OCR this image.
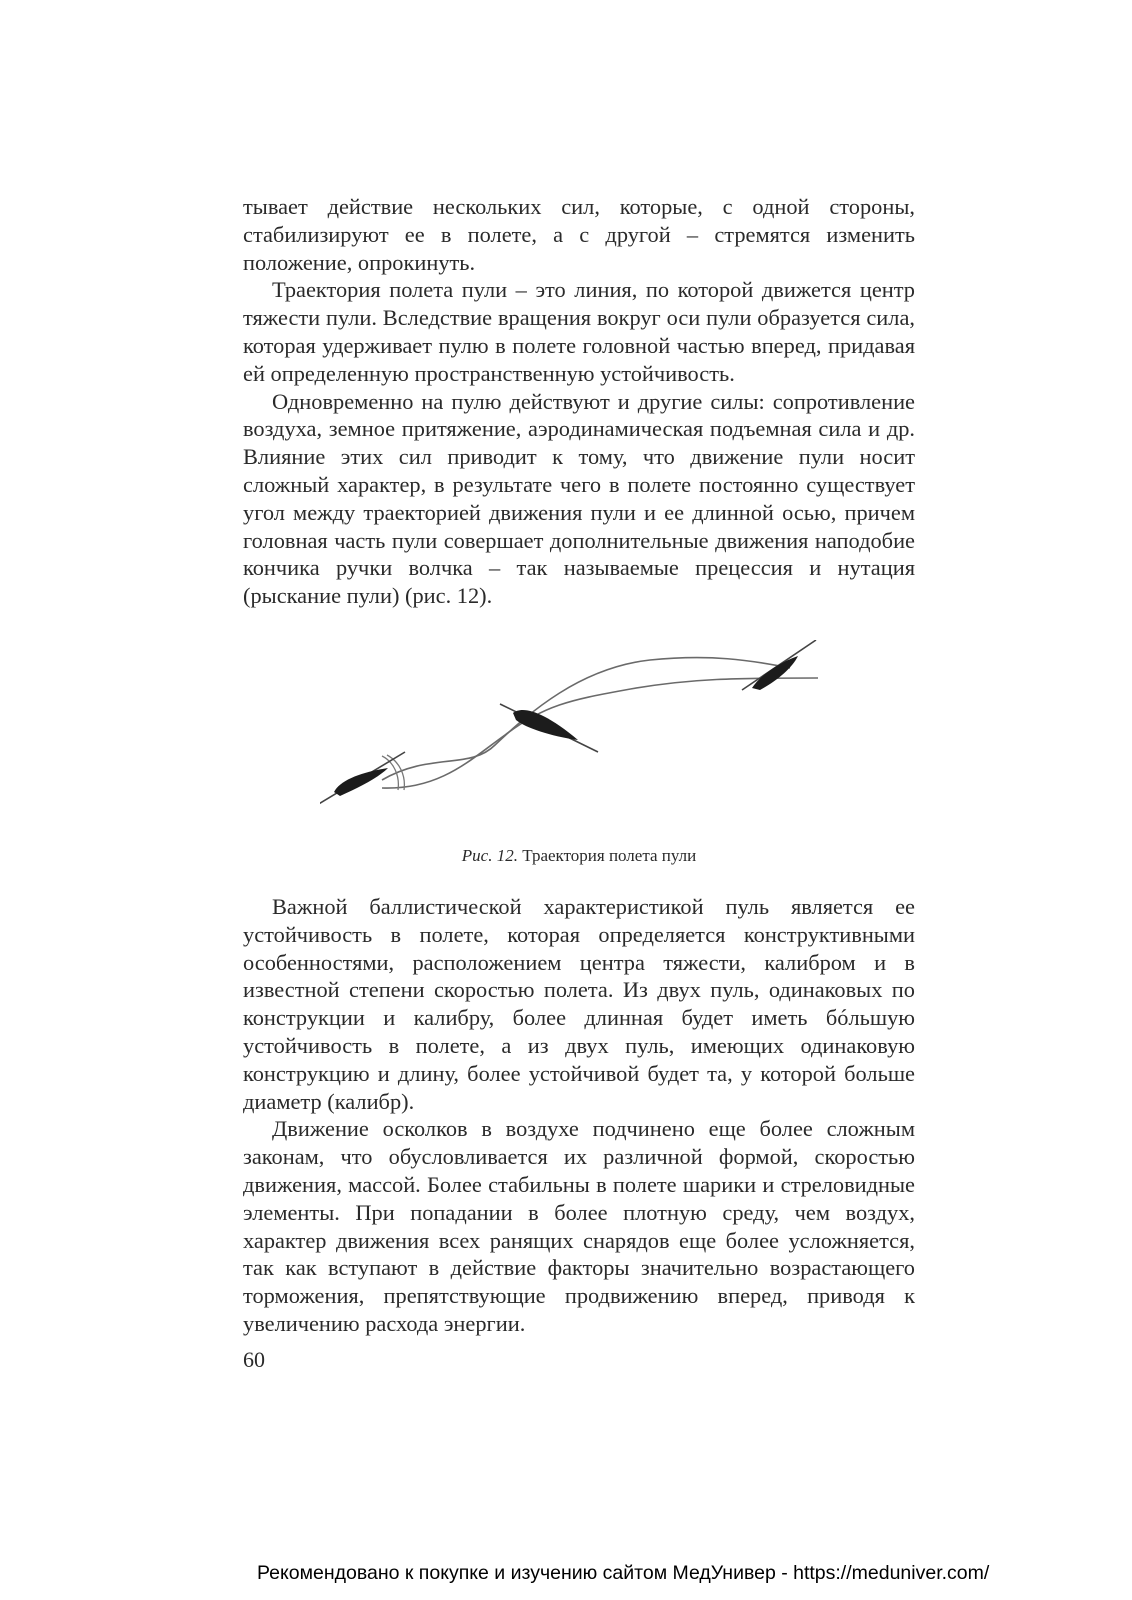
тывает действие нескольких сил, которые, с одной стороны, стабилизируют ее в полете, а с другой – стремятся изменить положение, опрокинуть.

Траектория полета пули – это линия, по которой движется центр тяжести пули. Вследствие вращения вокруг оси пули образуется сила, которая удерживает пулю в полете головной частью вперед, придавая ей определенную пространственную устойчивость.

Одновременно на пулю действуют и другие силы: сопротивление воздуха, земное притяжение, аэродинамическая подъемная сила и др. Влияние этих сил приводит к тому, что движение пули носит сложный характер, в результате чего в полете постоянно существует угол между траекторией движения пули и ее длинной осью, причем головная часть пули совершает дополнительные движения наподобие кончика ручки волчка – так называемые прецессия и нутация (рыскание пули) (рис. 12).

Рис. 12. Траектория полета пули

Важной баллистической характеристикой пуль является ее устойчивость в полете, которая определяется конструктивными особенностями, расположением центра тяжести, калибром и в известной степени скоростью полета. Из двух пуль, одинаковых по конструкции и калибру, более длинная будет иметь бóльшую устойчивость в полете, а из двух пуль, имеющих одинаковую конструкцию и длину, более устойчивой будет та, у которой больше диаметр (калибр).

Движение осколков в воздухе подчинено еще более сложным законам, что обусловливается их различной формой, скоростью движения, массой. Более стабильны в полете шарики и стреловидные элементы. При попадании в более плотную среду, чем воздух, характер движения всех ранящих снарядов еще более усложняется, так как вступают в действие факторы значительно возрастающего торможения, препятствующие продвижению вперед, приводя к увеличению расхода энергии.

60
Рекомендовано к покупке и изучению сайтом МедУнивер - https://meduniver.com/
